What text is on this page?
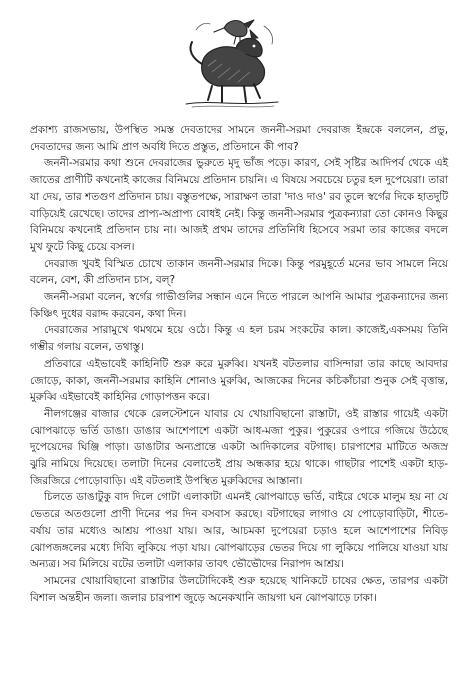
প্রকাশ্য রাজসভায়, উপস্থিত সমস্ত দেবতাদের সামনে জননী-সরমা দেবরাজ ইন্দ্রকে বললেন, প্রভু, দেবতাদের জন্য আমি প্রাণ অবধি দিতে প্রস্তুত, প্রতিদানে কী পাব?

জননী-সরমার কথা শুনে দেবরাজের ভুরুতে মৃদু ভাঁজ পড়ে। কারণ, সেই সৃষ্টির আদিপর্ব থেকে এই জাতের প্রাণীটি কখনোই কাজের বিনিময়ে প্রতিদান চায়নি। এ বিষয়ে সবচেয়ে চতুর হল দুপেয়েরা। তারা যা দেয়, তার শতগুণ প্রতিদান চায়। বস্তুতপক্ষে, সারাক্ষণ তারা 'দাও দাও' রব তুলে স্বর্গের দিকে হাতদুটি বাড়িয়েই রেখেছে। তাদের প্রাপ্য-অপ্রাপ্য বোধই নেই। কিন্তু জননী-সরমার পুত্রকন্যারা তো কোনও কিছুর বিনিময়ে কখনোই প্রতিদান চায় না। আজই প্রথম তাদের প্রতিনিধি হিসেবে সরমা তার কাজের বদলে মুখ ফুটে কিছু চেয়ে বসল।

দেবরাজ খুবই বিস্মিত চোখে তাকান জননী-সরমার দিকে। কিন্তু পরমুহূর্তে মনের ভাব সামলে নিয়ে বলেন, বেশ, কী প্রতিদান চাস, বল্‌?

জননী-সরমা বলেন, স্বর্গের গাভীগুলির সন্ধান এনে দিতে পারলে আপনি আমার পুত্রকন্যাদের জন্য কিঞ্চিৎ দুধের বরাদ্দ করবেন, কথা দিন।

দেবরাজের সারামুখে থমথমে হয়ে ওঠে। কিন্তু এ হল চরম সংকটের কাল। কাজেই,একসময় তিনি গম্ভীর গলায় বলেন, তথাস্তু।

প্রতিবারে এইভাবেই কাহিনিটি শুরু করে মুরুব্বি। যখনই বটতলার বাসিন্দারা তার কাছে আবদার জোড়ে, কাকা, জননী-সরমার কাহিনি শোনাও মুরুব্বি, আজকের দিনের কচিকাঁচারা শুনুক সেই বৃত্তান্ত, মুরুব্বি এইভাবেই কাহিনির গোড়াপত্তন করে।

নীলগঞ্জের বাজার থেকে রেলস্টেশনে যাবার যে খোয়াবিছানো রাস্তাটা, ওই রাস্তার গায়েই একটা ঝোপঝাড়ে ভর্তি ডাঙা। ডাঙার আশেপাশে একটা আধ-মজা পুকুর। পুকুরের ওপারে গজিয়ে উঠেছে দুপেয়েদের ঘিঞ্জি পাড়া। ডাঙাটার অন্যপ্রান্তে একটা আদিকালের বটগাছ। চারপাশের মাটিতে অজস্র ঝুরি নামিয়ে দিয়েছে। তলাটা দিনের বেলাতেই প্রায় অন্ধকার হয়ে থাকে। গাছটার পাশেই একটা হাড়-জিরজিরে পোড়োবাড়ি। এই বটতলাই উপস্থিত মুরুব্বিদের আস্তানা।

চিলতে ডাঙাটুকু বাদ দিলে গোটা এলাকাটা এমনই ঝোপঝাড়ে ভর্তি, বাইরে থেকে মালুম হয় না যে ভেতরে অতগুলো প্রাণী দিনের পর দিন বসবাস করছে। বটগাছের লাগাও যে পোড়োবাড়িটা, শীতে-বর্ষায় তার মধ্যেও আশ্রয় পাওয়া যায়। আর, আচমকা দুপেয়েরা চড়াও হলে আশেপাশের নিবিড় ঝোপজঙ্গলের মধ্যে দিব্যি লুকিয়ে পড়া যায়। ঝোপঝাড়ের ভেতর দিয়ে গা লুকিয়ে পালিয়ে যাওয়া যায় অন্যত্র। সব মিলিয়ে বটের তলাটা এলাকার তাবৎ ভৌভৌদের নিরাপদ আশ্রয়।

সামনের খোয়াবিছানো রাস্তাটার উলটোদিকেই শুরু হয়েছে খানিকটে চাষের ক্ষেত, তারপর একটা বিশাল অন্তহীন জলা। জলার চারপাশ জুড়ে অনেকখানি জায়গা ঘন ঝোপঝাড়ে ঢাকা।
